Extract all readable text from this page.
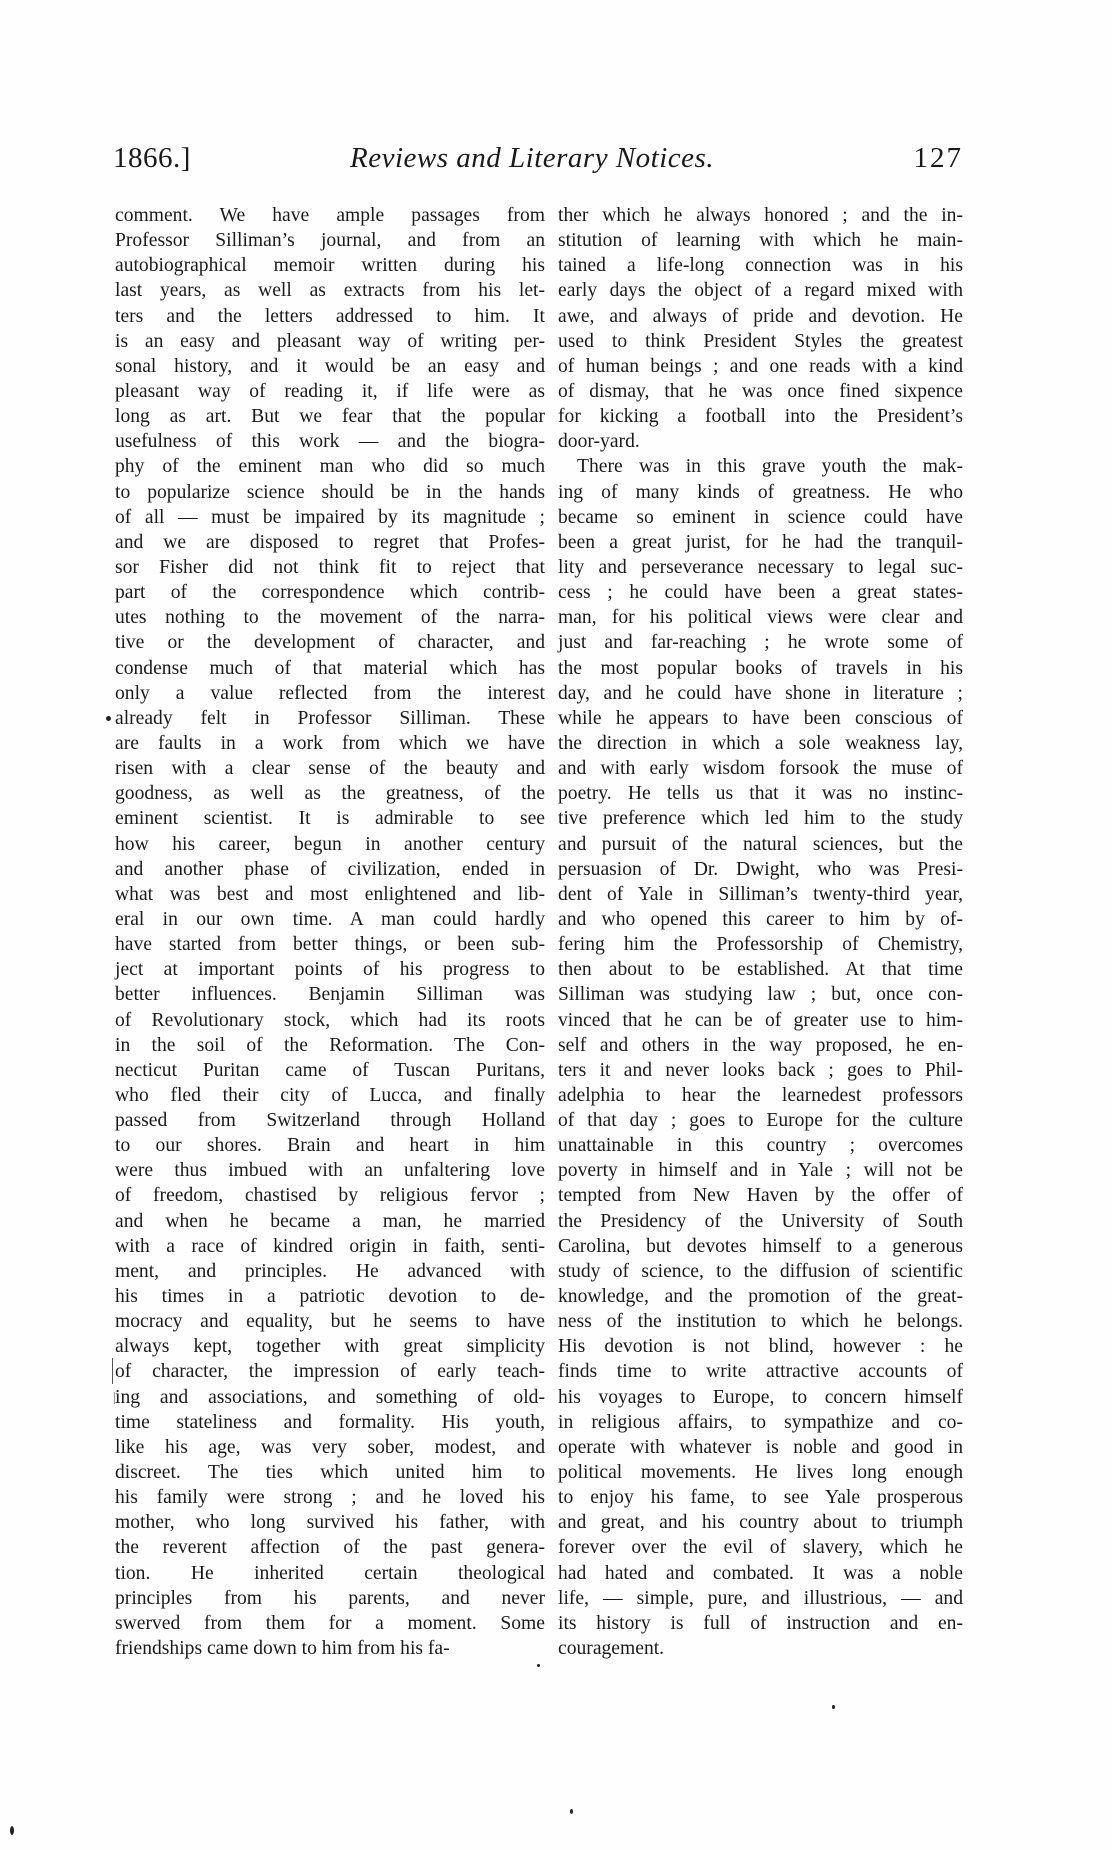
1866.]	Reviews and Literary Notices.	127
comment. We have ample passages from
Professor Silliman’s journal, and from an
autobiographical memoir written during his
last years, as well as extracts from his let-
ters and the letters addressed to him. It
is an easy and pleasant way of writing per-
sonal history, and it would be an easy and
pleasant way of reading it, if life were as
long as art. But we fear that the popular
usefulness of this work — and the biogra-
phy of the eminent man who did so much
to popularize science should be in the hands
of all — must be impaired by its magnitude ;
and we are disposed to regret that Profes-
sor Fisher did not think fit to reject that
part of the correspondence which contrib-
utes nothing to the movement of the narra-
tive or the development of character, and
condense much of that material which has
only a value reflected from the interest
already felt in Professor Silliman. These
are faults in a work from which we have
risen with a clear sense of the beauty and
goodness, as well as the greatness, of the
eminent scientist. It is admirable to see
how his career, begun in another century
and another phase of civilization, ended in
what was best and most enlightened and lib-
eral in our own time. A man could hardly
have started from better things, or been sub-
ject at important points of his progress to
better influences. Benjamin Silliman was
of Revolutionary stock, which had its roots
in the soil of the Reformation. The Con-
necticut Puritan came of Tuscan Puritans,
who fled their city of Lucca, and finally
passed from Switzerland through Holland
to our shores. Brain and heart in him
were thus imbued with an unfaltering love
of freedom, chastised by religious fervor ;
and when he became a man, he married
with a race of kindred origin in faith, senti-
ment, and principles. He advanced with
his times in a patriotic devotion to de-
mocracy and equality, but he seems to have
always kept, together with great simplicity
of character, the impression of early teach-
ing and associations, and something of old-
time stateliness and formality. His youth,
like his age, was very sober, modest, and
discreet. The ties which united him to
his family were strong ; and he loved his
mother, who long survived his father, with
the reverent affection of the past genera-
tion. He inherited certain theological
principles from his parents, and never
swerved from them for a moment. Some
friendships came down to him from his fa-
ther which he always honored ; and the in-
stitution of learning with which he main-
tained a life-long connection was in his
early days the object of a regard mixed with
awe, and always of pride and devotion. He
used to think President Styles the greatest
of human beings ; and one reads with a kind
of dismay, that he was once fined sixpence
for kicking a football into the President’s
door-yard.
There was in this grave youth the mak-
ing of many kinds of greatness. He who
became so eminent in science could have
been a great jurist, for he had the tranquil-
lity and perseverance necessary to legal suc-
cess ; he could have been a great states-
man, for his political views were clear and
just and far-reaching ; he wrote some of
the most popular books of travels in his
day, and he could have shone in literature ;
while he appears to have been conscious of
the direction in which a sole weakness lay,
and with early wisdom forsook the muse of
poetry. He tells us that it was no instinc-
tive preference which led him to the study
and pursuit of the natural sciences, but the
persuasion of Dr. Dwight, who was Presi-
dent of Yale in Silliman’s twenty-third year,
and who opened this career to him by of-
fering him the Professorship of Chemistry,
then about to be established. At that time
Silliman was studying law ; but, once con-
vinced that he can be of greater use to him-
self and others in the way proposed, he en-
ters it and never looks back ; goes to Phil-
adelphia to hear the learnedest professors
of that day ; goes to Europe for the culture
unattainable in this country ; overcomes
poverty in himself and in Yale ; will not be
tempted from New Haven by the offer of
the Presidency of the University of South
Carolina, but devotes himself to a generous
study of science, to the diffusion of scientific
knowledge, and the promotion of the great-
ness of the institution to which he belongs.
His devotion is not blind, however : he
finds time to write attractive accounts of
his voyages to Europe, to concern himself
in religious affairs, to sympathize and co-
operate with whatever is noble and good in
political movements. He lives long enough
to enjoy his fame, to see Yale prosperous
and great, and his country about to triumph
forever over the evil of slavery, which he
had hated and combated. It was a noble
life, — simple, pure, and illustrious, — and
its history is full of instruction and en-
couragement.
